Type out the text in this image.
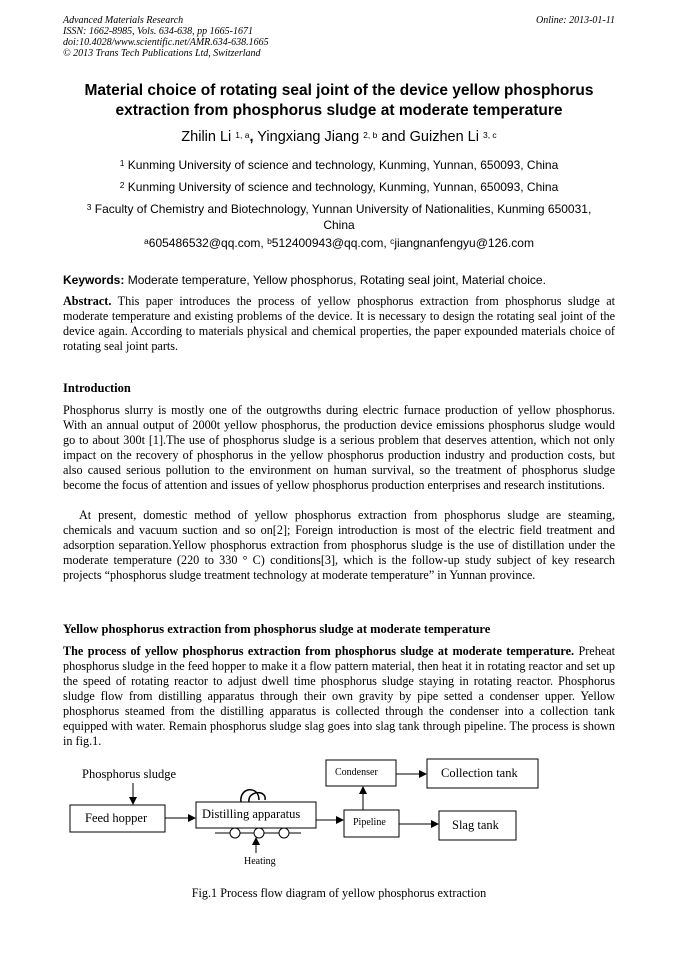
Advanced Materials Research
ISSN: 1662-8985, Vols. 634-638, pp 1665-1671
doi:10.4028/www.scientific.net/AMR.634-638.1665
© 2013 Trans Tech Publications Ltd, Switzerland
Online: 2013-01-11
Material choice of rotating seal joint of the device yellow phosphorus
extraction from phosphorus sludge at moderate temperature
Zhilin Li $^{1, a}$, Yingxiang Jiang $^{2, b}$ and Guizhen Li $^{3, c}$
$^1$ Kunming University of science and technology, Kunming, Yunnan, 650093, China
$^2$ Kunming University of science and technology, Kunming, Yunnan, 650093, China
$^3$ Faculty of Chemistry and Biotechnology, Yunnan University of Nationalities, Kunming 650031,
China
$^a$605486532@qq.com, $^b$512400943@qq.com, $^c$jiangnanfengyu@126.com
Keywords: Moderate temperature, Yellow phosphorus, Rotating seal joint, Material choice.
Abstract. This paper introduces the process of yellow phosphorus extraction from phosphorus sludge at moderate temperature and existing problems of the device. It is necessary to design the rotating seal joint of the device again. According to materials physical and chemical properties, the paper expounded materials choice of rotating seal joint parts.
Introduction
Phosphorus slurry is mostly one of the outgrowths during electric furnace production of yellow phosphorus. With an annual output of 2000t yellow phosphorus, the production device emissions phosphorus sludge would go to about 300t [1].The use of phosphorus sludge is a serious problem that deserves attention, which not only impact on the recovery of phosphorus in the yellow phosphorus production industry and production costs, but also caused serious pollution to the environment on human survival, so the treatment of phosphorus sludge become the focus of attention and issues of yellow phosphorus production enterprises and research institutions.
At present, domestic method of yellow phosphorus extraction from phosphorus sludge are steaming, chemicals and vacuum suction and so on[2]; Foreign introduction is most of the electric field treatment and adsorption separation.Yellow phosphorus extraction from phosphorus sludge is the use of distillation under the moderate temperature (220 to 330 ° C) conditions[3], which is the follow-up study subject of key research projects “phosphorus sludge treatment technology at moderate temperature” in Yunnan province.
Yellow phosphorus extraction from phosphorus sludge at moderate temperature
The process of yellow phosphorus extraction from phosphorus sludge at moderate temperature. Preheat phosphorus sludge in the feed hopper to make it a flow pattern material, then heat it in rotating reactor and set up the speed of rotating reactor to adjust dwell time phosphorus sludge staying in rotating reactor. Phosphorus sludge flow from distilling apparatus through their own gravity by pipe setted a condenser upper. Yellow phosphorus steamed from the distilling apparatus is collected through the condenser into a collection tank equipped with water. Remain phosphorus sludge slag goes into slag tank through pipeline. The process is shown in fig.1.
Phosphorus sludge
Feed hopper	Distilling apparatus
Heating
Condenser
Pipeline
Collection tank
Slag tank
Fig.1 Process flow diagram of yellow phosphorus extraction
